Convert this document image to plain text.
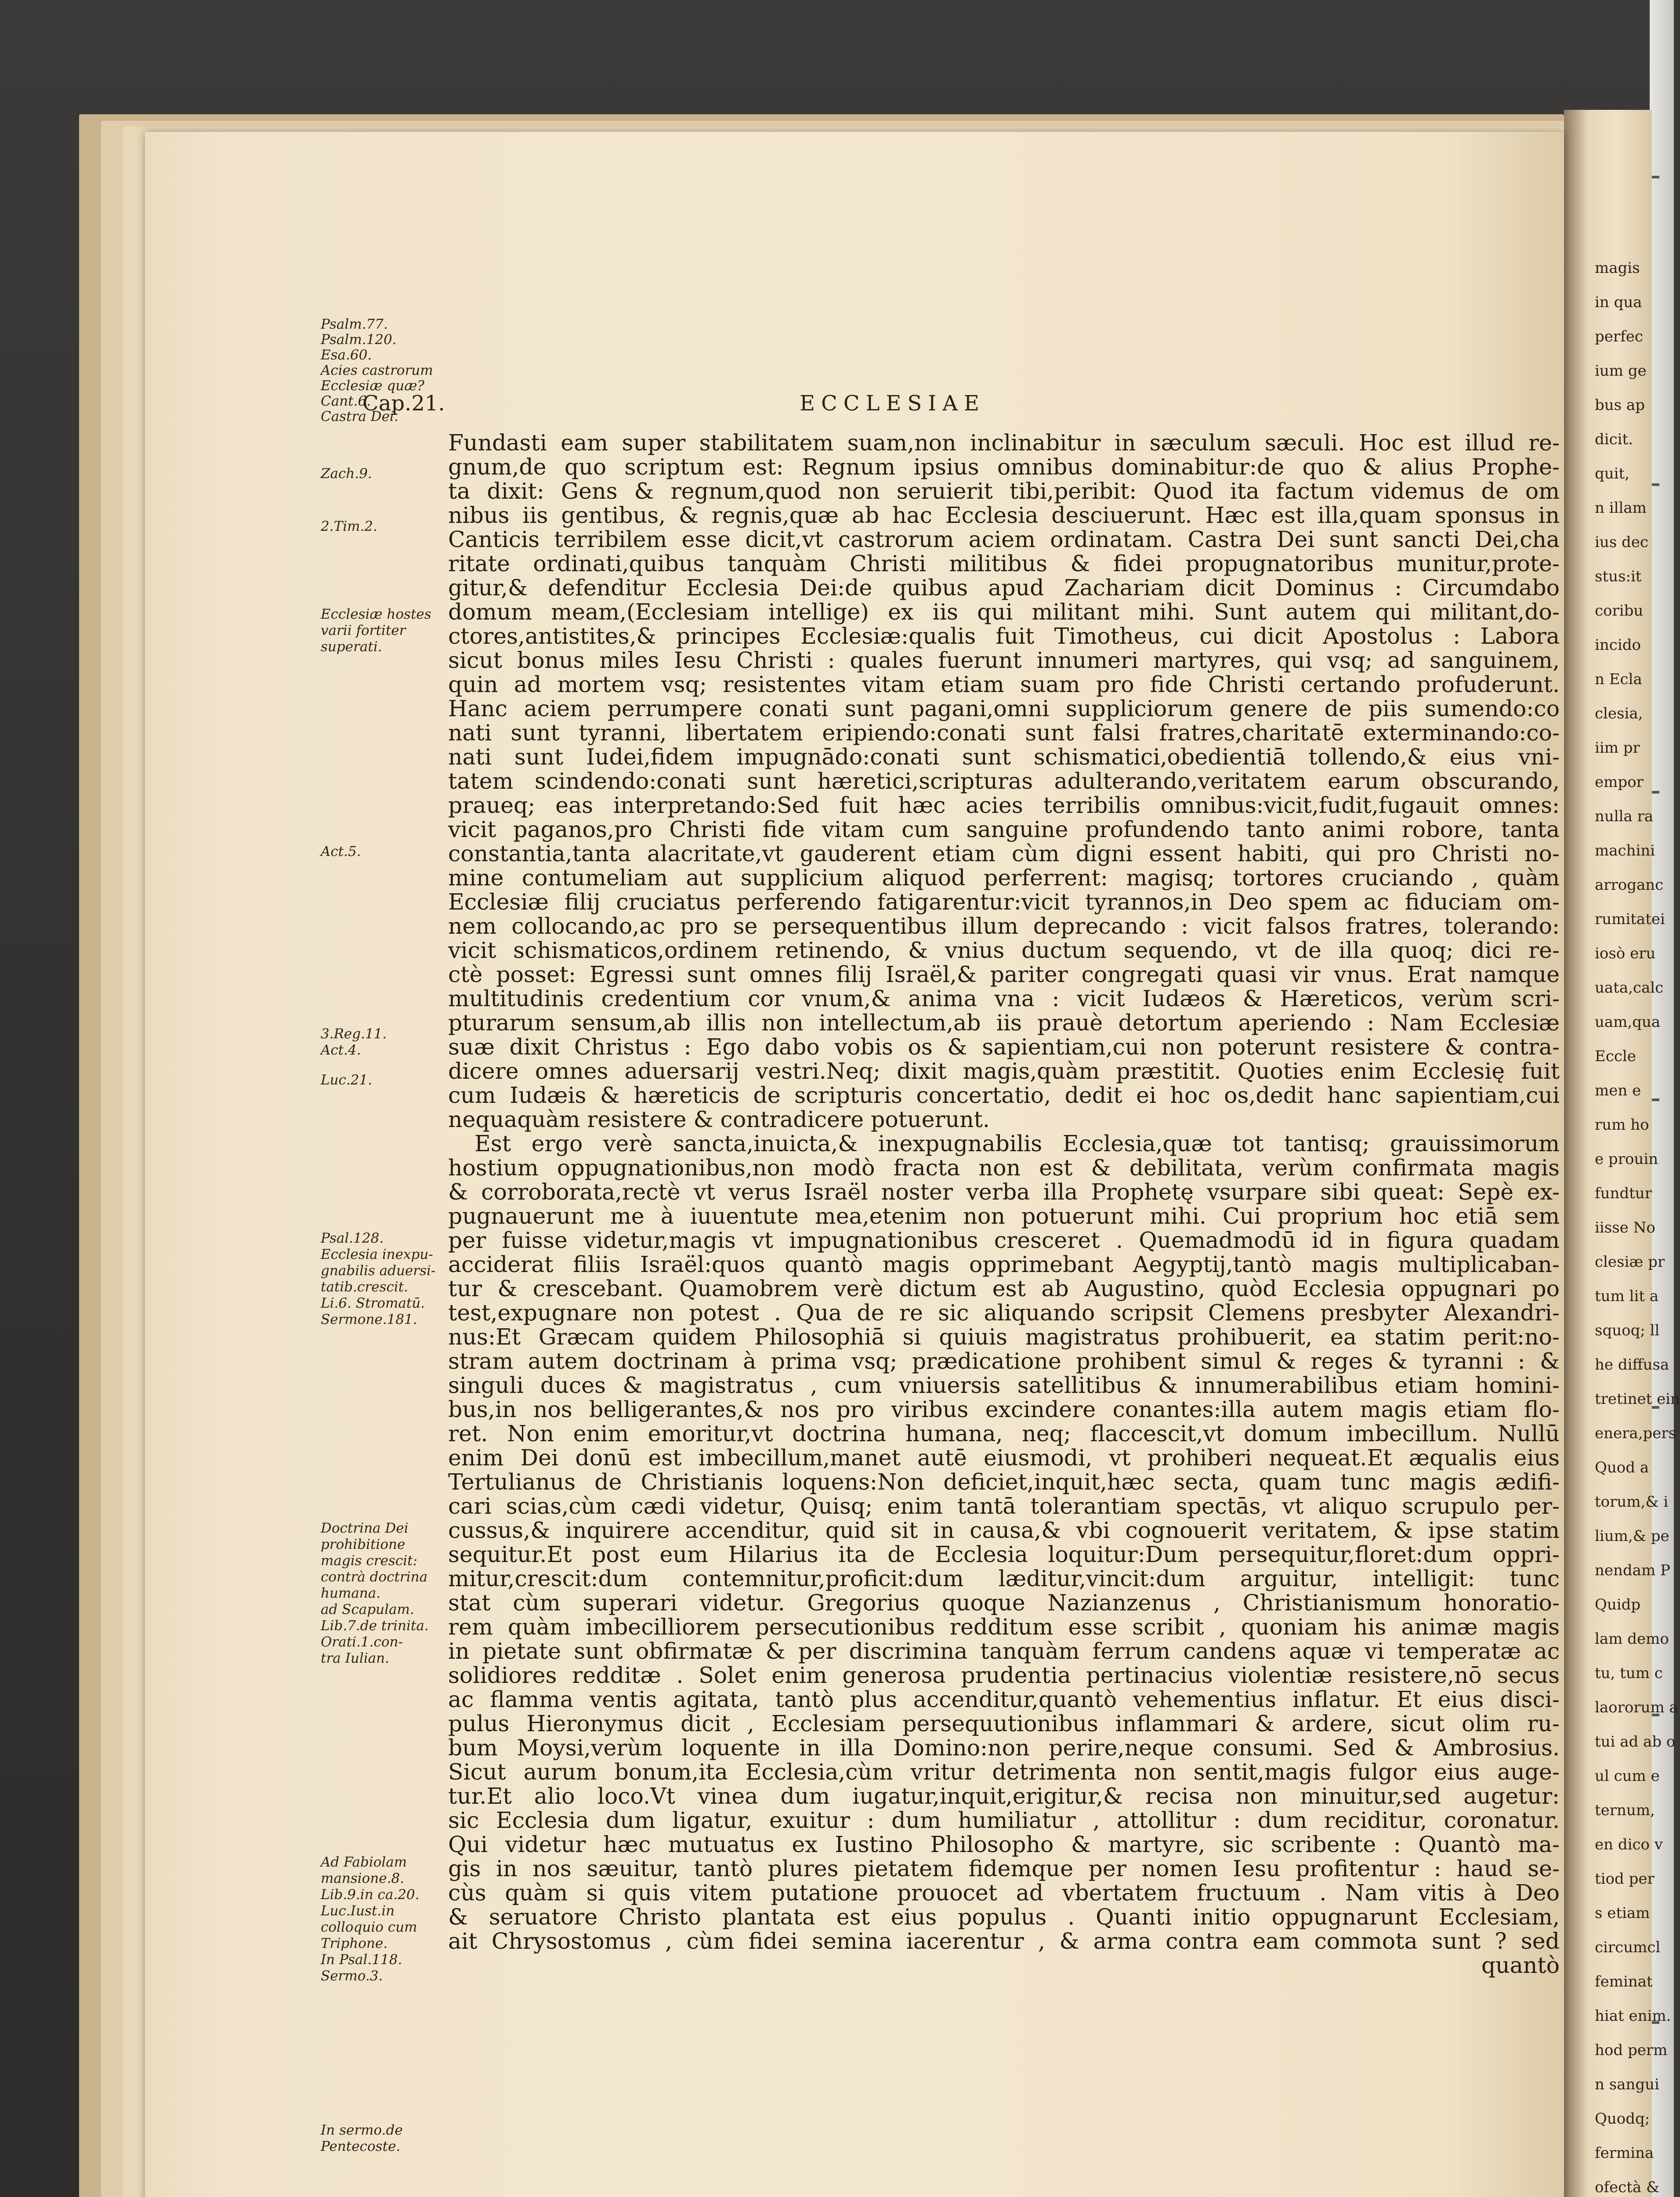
magis
in qua
perfec
ium ge
bus ap
dicit.
quit,
n illam
ius dec
stus:it
coribu
incido
n Ecla
clesia,
iim pr
empor
nulla ra
machini
arroganc
rumitatei
iosò eru
uata,calc
uam,qua
Eccle
men e
rum ho
e prouin
fundtur
iisse No
clesiæ pr
tum lit a
squoq; ll
he diffusa
tretinet ein
enera,pers
Quod a
torum,& i
lium,& pe
nendam P
Quidp
lam demo
tu, tum c
laororum a
tui ad ab o
ul cum e
ternum,
en dico v
tiod per
s etiam
circumcl
feminat
hiat enim.
hod perm
n sangui
Quodq;
fermina
ofectà &
Cap.21.	ECCLESIAE
Psalm.77.
Psalm.120.
Esa.60.
Acies castrorum
Ecclesiæ quæ?
Cant.6.
Castra Dei.
Zach.9.
2.Tim.2.
Ecclesiæ hostes
varii fortiter
superati.
Act.5.
3.Reg.11.
Act.4.
Luc.21.
Psal.128.
Ecclesia inexpu-
gnabilis aduersi-
tatib.crescit.
Li.6. Stromatū.
Sermone.181.
Doctrina Dei
prohibitione
magis crescit:
contrà doctrina
humana.
ad Scapulam.
Lib.7.de trinita.
Orati.1.con-
tra Iulian.
Ad Fabiolam
mansione.8.
Lib.9.in ca.20.
Luc.Iust.in
colloquio cum
Triphone.
In Psal.118.
Sermo.3.
In sermo.de
Pentecoste.
Fundasti eam super stabilitatem suam,non inclinabitur in sæculum sæculi. Hoc est illud re-
gnum,de quo scriptum est: Regnum ipsius omnibus dominabitur:de quo & alius Prophe-
ta dixit: Gens & regnum,quod non seruierit tibi,peribit: Quod ita factum videmus de om
nibus iis gentibus, & regnis,quæ ab hac Ecclesia desciuerunt. Hæc est illa,quam sponsus in
Canticis terribilem esse dicit,vt castrorum aciem ordinatam. Castra Dei sunt sancti Dei,cha
ritate ordinati,quibus tanquàm Christi militibus & fidei propugnatoribus munitur,prote-
gitur,& defenditur Ecclesia Dei:de quibus apud Zachariam dicit Dominus : Circumdabo
domum meam,(Ecclesiam intellige) ex iis qui militant mihi. Sunt autem qui militant,do-
ctores,antistites,& principes Ecclesiæ:qualis fuit Timotheus, cui dicit Apostolus : Labora
sicut bonus miles Iesu Christi : quales fuerunt innumeri martyres, qui vsq; ad sanguinem,
quin ad mortem vsq; resistentes vitam etiam suam pro fide Christi certando profuderunt.
Hanc aciem perrumpere conati sunt pagani,omni suppliciorum genere de piis sumendo:co
nati sunt tyranni, libertatem eripiendo:conati sunt falsi fratres,charitatē exterminando:co-
nati sunt Iudei,fidem impugnādo:conati sunt schismatici,obedientiā tollendo,& eius vni-
tatem scindendo:conati sunt hæretici,scripturas adulterando,veritatem earum obscurando,
praueq; eas interpretando:Sed fuit hæc acies terribilis omnibus:vicit,fudit,fugauit omnes:
vicit paganos,pro Christi fide vitam cum sanguine profundendo tanto animi robore, tanta
constantia,tanta alacritate,vt gauderent etiam cùm digni essent habiti, qui pro Christi no-
mine contumeliam aut supplicium aliquod perferrent: magisq; tortores cruciando , quàm
Ecclesiæ filij cruciatus perferendo fatigarentur:vicit tyrannos,in Deo spem ac fiduciam om-
nem collocando,ac pro se persequentibus illum deprecando : vicit falsos fratres, tolerando:
vicit schismaticos,ordinem retinendo, & vnius ductum sequendo, vt de illa quoq; dici re-
ctè posset: Egressi sunt omnes filij Israël,& pariter congregati quasi vir vnus. Erat namque
multitudinis credentium cor vnum,& anima vna : vicit Iudæos & Hæreticos, verùm scri-
pturarum sensum,ab illis non intellectum,ab iis prauè detortum aperiendo : Nam Ecclesiæ
suæ dixit Christus : Ego dabo vobis os & sapientiam,cui non poterunt resistere & contra-
dicere omnes aduersarij vestri.Neq; dixit magis,quàm præstitit. Quoties enim Ecclesię fuit
cum Iudæis & hæreticis de scripturis concertatio, dedit ei hoc os,dedit hanc sapientiam,cui
nequaquàm resistere & contradicere potuerunt.
Est ergo verè sancta,inuicta,& inexpugnabilis Ecclesia,quæ tot tantisq; grauissimorum
hostium oppugnationibus,non modò fracta non est & debilitata, verùm confirmata magis
& corroborata,rectè vt verus Israël noster verba illa Prophetę vsurpare sibi queat: Sepè ex-
pugnauerunt me à iuuentute mea,etenim non potuerunt mihi. Cui proprium hoc etiā sem
per fuisse videtur,magis vt impugnationibus cresceret . Quemadmodū id in figura quadam
acciderat filiis Israël:quos quantò magis opprimebant Aegyptij,tantò magis multiplicaban-
tur & crescebant. Quamobrem verè dictum est ab Augustino, quòd Ecclesia oppugnari po
test,expugnare non potest . Qua de re sic aliquando scripsit Clemens presbyter Alexandri-
nus:Et Græcam quidem Philosophiā si quiuis magistratus prohibuerit, ea statim perit:no-
stram autem doctrinam à prima vsq; prædicatione prohibent simul & reges & tyranni : &
singuli duces & magistratus , cum vniuersis satellitibus & innumerabilibus etiam homini-
bus,in nos belligerantes,& nos pro viribus excindere conantes:illa autem magis etiam flo-
ret. Non enim emoritur,vt doctrina humana, neq; flaccescit,vt domum imbecillum. Nullū
enim Dei donū est imbecillum,manet autē eiusmodi, vt prohiberi nequeat.Et æqualis eius
Tertulianus de Christianis loquens:Non deficiet,inquit,hæc secta, quam tunc magis ædifi-
cari scias,cùm cædi videtur, Quisq; enim tantā tolerantiam spectās, vt aliquo scrupulo per-
cussus,& inquirere accenditur, quid sit in causa,& vbi cognouerit veritatem, & ipse statim
sequitur.Et post eum Hilarius ita de Ecclesia loquitur:Dum persequitur,floret:dum oppri-
mitur,crescit:dum contemnitur,proficit:dum læditur,vincit:dum arguitur, intelligit: tunc
stat cùm superari videtur. Gregorius quoque Nazianzenus , Christianismum honoratio-
rem quàm imbecilliorem persecutionibus redditum esse scribit , quoniam his animæ magis
in pietate sunt obfirmatæ & per discrimina tanquàm ferrum candens aquæ vi temperatæ ac
solidiores redditæ . Solet enim generosa prudentia pertinacius violentiæ resistere,nō secus
ac flamma ventis agitata, tantò plus accenditur,quantò vehementius inflatur. Et eius disci-
pulus Hieronymus dicit , Ecclesiam persequutionibus inflammari & ardere, sicut olim ru-
bum Moysi,verùm loquente in illa Domino:non perire,neque consumi. Sed & Ambrosius.
Sicut aurum bonum,ita Ecclesia,cùm vritur detrimenta non sentit,magis fulgor eius auge-
tur.Et alio loco.Vt vinea dum iugatur,inquit,erigitur,& recisa non minuitur,sed augetur:
sic Ecclesia dum ligatur, exuitur : dum humiliatur , attollitur : dum reciditur, coronatur.
Qui videtur hæc mutuatus ex Iustino Philosopho & martyre, sic scribente : Quantò ma-
gis in nos sæuitur, tantò plures pietatem fidemque per nomen Iesu profitentur : haud se-
cùs quàm si quis vitem putatione prouocet ad vbertatem fructuum . Nam vitis à Deo
& seruatore Christo plantata est eius populus . Quanti initio oppugnarunt Ecclesiam,
ait Chrysostomus , cùm fidei semina iacerentur , & arma contra eam commota sunt ? sed
quantò
